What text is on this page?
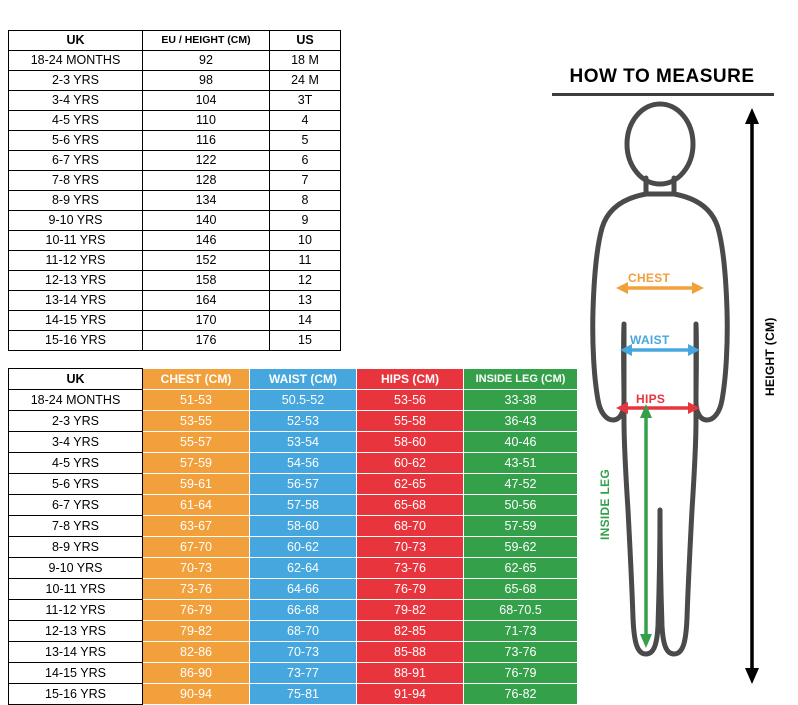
UK	EU / HEIGHT (CM)	US
18-24 MONTHS	92	18 M
2-3 YRS	98	24 M
3-4 YRS	104	3T
4-5 YRS	110	4
5-6 YRS	116	5
6-7 YRS	122	6
7-8 YRS	128	7
8-9 YRS	134	8
9-10 YRS	140	9
10-11 YRS	146	10
11-12 YRS	152	11
12-13 YRS	158	12
13-14 YRS	164	13
14-15 YRS	170	14
15-16 YRS	176	15
UK	CHEST (CM)	WAIST (CM)	HIPS (CM)	INSIDE LEG (CM)
18-24 MONTHS	51-53	50.5-52	53-56	33-38
2-3 YRS	53-55	52-53	55-58	36-43
3-4 YRS	55-57	53-54	58-60	40-46
4-5 YRS	57-59	54-56	60-62	43-51
5-6 YRS	59-61	56-57	62-65	47-52
6-7 YRS	61-64	57-58	65-68	50-56
7-8 YRS	63-67	58-60	68-70	57-59
8-9 YRS	67-70	60-62	70-73	59-62
9-10 YRS	70-73	62-64	73-76	62-65
10-11 YRS	73-76	64-66	76-79	65-68
11-12 YRS	76-79	66-68	79-82	68-70.5
12-13 YRS	79-82	68-70	82-85	71-73
13-14 YRS	82-86	70-73	85-88	73-76
14-15 YRS	86-90	73-77	88-91	76-79
15-16 YRS	90-94	75-81	91-94	76-82
HOW TO MEASURE
CHEST
WAIST
HIPS
INSIDE LEG
HEIGHT (CM)
